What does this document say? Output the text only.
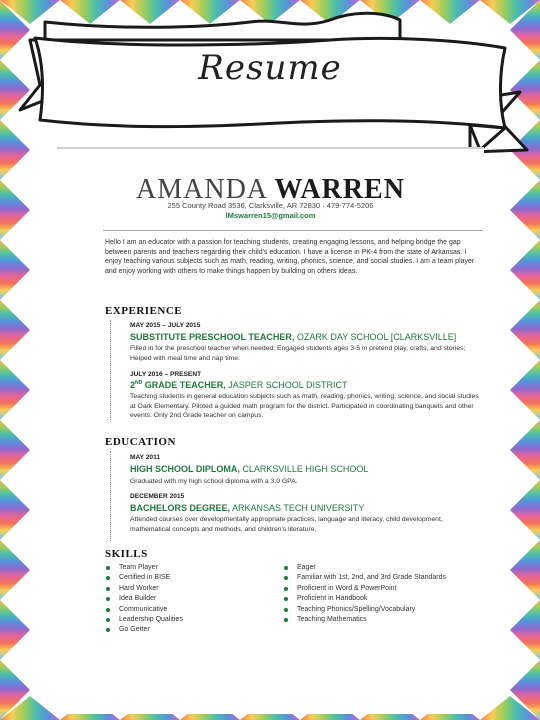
Resume
AMANDA WARREN
255 County Road 3536, Clarksville, AR 72830 · 479-774-5206
lMswarren15@gmail.com
Hello I am an educator with a passion for teaching students, creating engaging lessons, and helping bridge the gap between parents and teachers regarding their child's education. I have a license in PK-4 from the state of Arkansas. I enjoy teaching various subjects such as math, reading, writing, phonics, science, and social studies. I am a team player and enjoy working with others to make things happen by building on others ideas.
EXPERIENCE
MAY 2015 – JULY 2015
SUBSTITUTE PRESCHOOL TEACHER, OZARK DAY SCHOOL [CLARKSVILLE]
Filled in for the preschool teacher when needed; Engaged students ages 3-5 in pretend play, crafts, and stories; Helped with meal time and nap time.
JULY 2016 – PRESENT
2ND GRADE TEACHER, JASPER SCHOOL DISTRICT
Teaching students in general education subjects such as math, reading, phonics, writing, science, and social studies at Oark Elementary. Piloted a guided math program for the district. Participated in coordinating banquets and other events. Only 2nd Grade teacher on campus.
EDUCATION
MAY 2011
HIGH SCHOOL DIPLOMA, CLARKSVILLE HIGH SCHOOL
Graduated with my high school diploma with a 3.0 GPA.
DECEMBER 2015
BACHELORS DEGREE, ARKANSAS TECH UNIVERSITY
Attended courses over developmentally appropriate practices, language and literacy, child development, mathematical concepts and methods, and children's literature.
SKILLS
Team Player
Certified in BISE
Hard Worker
Idea Builder
Communicative
Leadership Qualities
Go Getter
Eager
Familiar with 1st, 2nd, and 3rd Grade Standards
Proficient in Word & PowerPoint
Proficient in Handbook
Teaching Phonics/Spelling/Vocabulary
Teaching Mathematics
